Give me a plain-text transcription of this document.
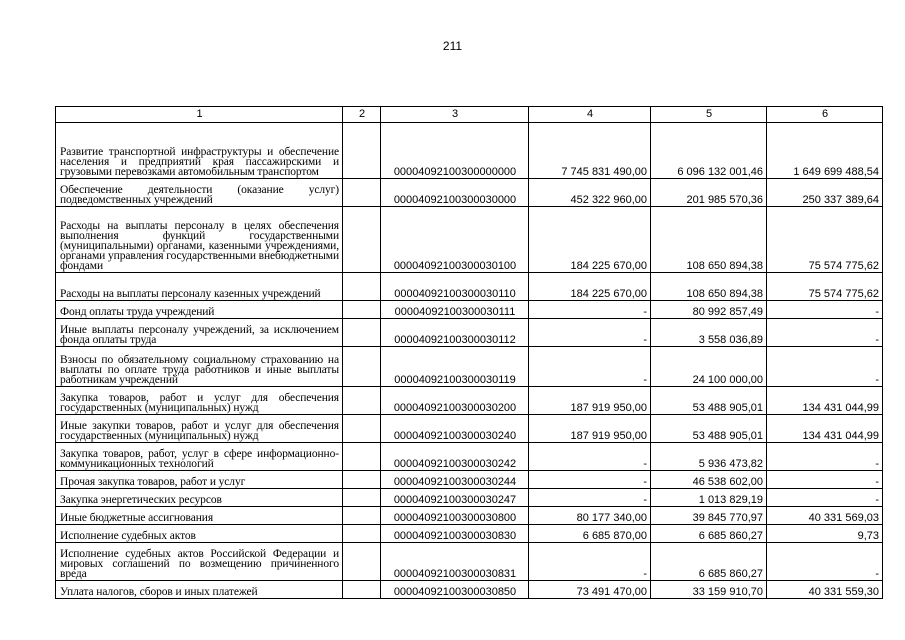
211
1	2	3	4	5	6
Развитие транспортной инфраструктуры и обеспечение населения и предприятий края пассажирскими и грузовыми перевозками автомобильным транспортом		00004092100300000000	7 745 831 490,00	6 096 132 001,46	1 649 699 488,54
Обеспечение деятельности (оказание услуг) подведомственных учреждений		00004092100300030000	452 322 960,00	201 985 570,36	250 337 389,64
Расходы на выплаты персоналу в целях обеспечения выполнения функций государственными (муниципальными) органами, казенными учреждениями, органами управления государственными внебюджетными фондами		00004092100300030100	184 225 670,00	108 650 894,38	75 574 775,62
Расходы на выплаты персоналу казенных учреждений		00004092100300030110	184 225 670,00	108 650 894,38	75 574 775,62
Фонд оплаты труда учреждений		00004092100300030111	-	80 992 857,49	-
Иные выплаты персоналу учреждений, за исключением фонда оплаты труда		00004092100300030112	-	3 558 036,89	-
Взносы по обязательному социальному страхованию на выплаты по оплате труда работников и иные выплаты работникам учреждений		00004092100300030119	-	24 100 000,00	-
Закупка товаров, работ и услуг для обеспечения государственных (муниципальных) нужд		00004092100300030200	187 919 950,00	53 488 905,01	134 431 044,99
Иные закупки товаров, работ и услуг для обеспечения государственных (муниципальных) нужд		00004092100300030240	187 919 950,00	53 488 905,01	134 431 044,99
Закупка товаров, работ, услуг в сфере информационно-коммуникационных технологий		00004092100300030242	-	5 936 473,82	-
Прочая закупка товаров, работ и услуг		00004092100300030244	-	46 538 602,00	-
Закупка энергетических ресурсов		00004092100300030247	-	1 013 829,19	-
Иные бюджетные ассигнования		00004092100300030800	80 177 340,00	39 845 770,97	40 331 569,03
Исполнение судебных актов		00004092100300030830	6 685 870,00	6 685 860,27	9,73
Исполнение судебных актов Российской Федерации и мировых соглашений по возмещению причиненного вреда		00004092100300030831	-	6 685 860,27	-
Уплата налогов, сборов и иных платежей		00004092100300030850	73 491 470,00	33 159 910,70	40 331 559,30
